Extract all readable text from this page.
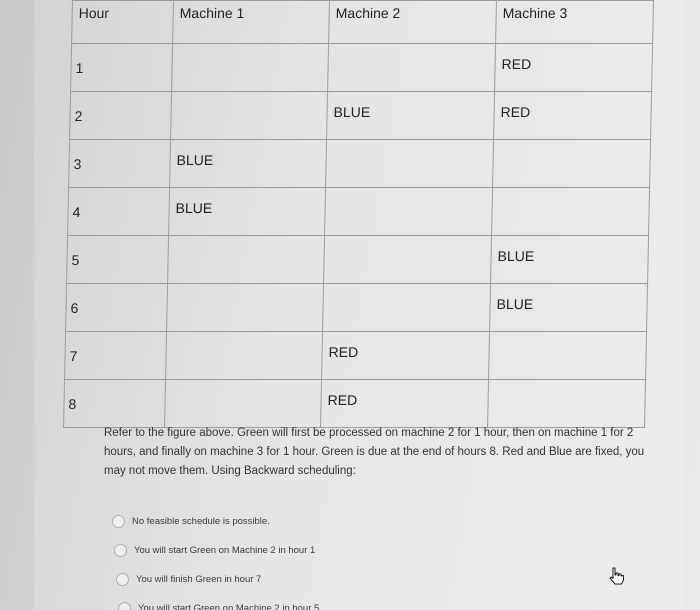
Hour	Machine 1	Machine 2	Machine 3

1			RED

2		BLUE	RED

3	BLUE		

4	BLUE		

5			BLUE

6			BLUE

7		RED	

8		RED	

Refer to the figure above. Green will first be processed on machine 2 for 1 hour, then on machine 1 for 2 hours, and finally on machine 3 for 1 hour. Green is due at the end of hours 8. Red and Blue are fixed, you may not move them. Using Backward scheduling:
No feasible schedule is possible.
You will start Green on Machine 2 in hour 1
You will finish Green in hour 7
You will start Green on Machine 2 in hour 5
